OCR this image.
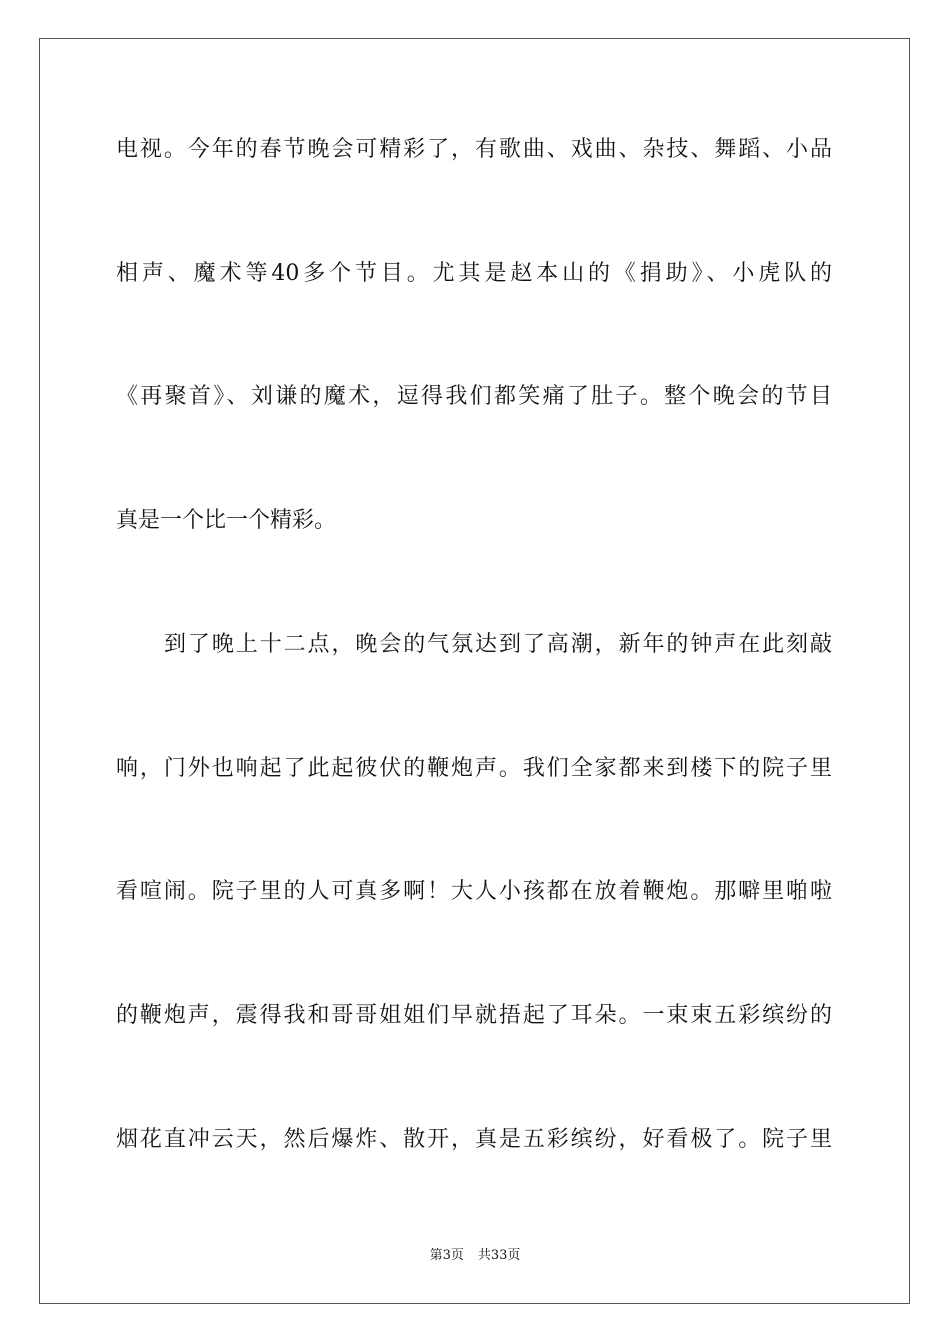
电视。今年的春节晚会可精彩了，有歌曲、戏曲、杂技、舞蹈、小品
相声、魔术等40多个节目。尤其是赵本山的《捐助》、小虎队的
《再聚首》、刘谦的魔术，逗得我们都笑痛了肚子。整个晚会的节目
真是一个比一个精彩。
到了晚上十二点，晚会的气氛达到了高潮，新年的钟声在此刻敲
响，门外也响起了此起彼伏的鞭炮声。我们全家都来到楼下的院子里
看喧闹。院子里的人可真多啊！大人小孩都在放着鞭炮。那噼里啪啦
的鞭炮声，震得我和哥哥姐姐们早就捂起了耳朵。一束束五彩缤纷的
烟花直冲云天，然后爆炸、散开，真是五彩缤纷，好看极了。院子里
第3页 共33页
